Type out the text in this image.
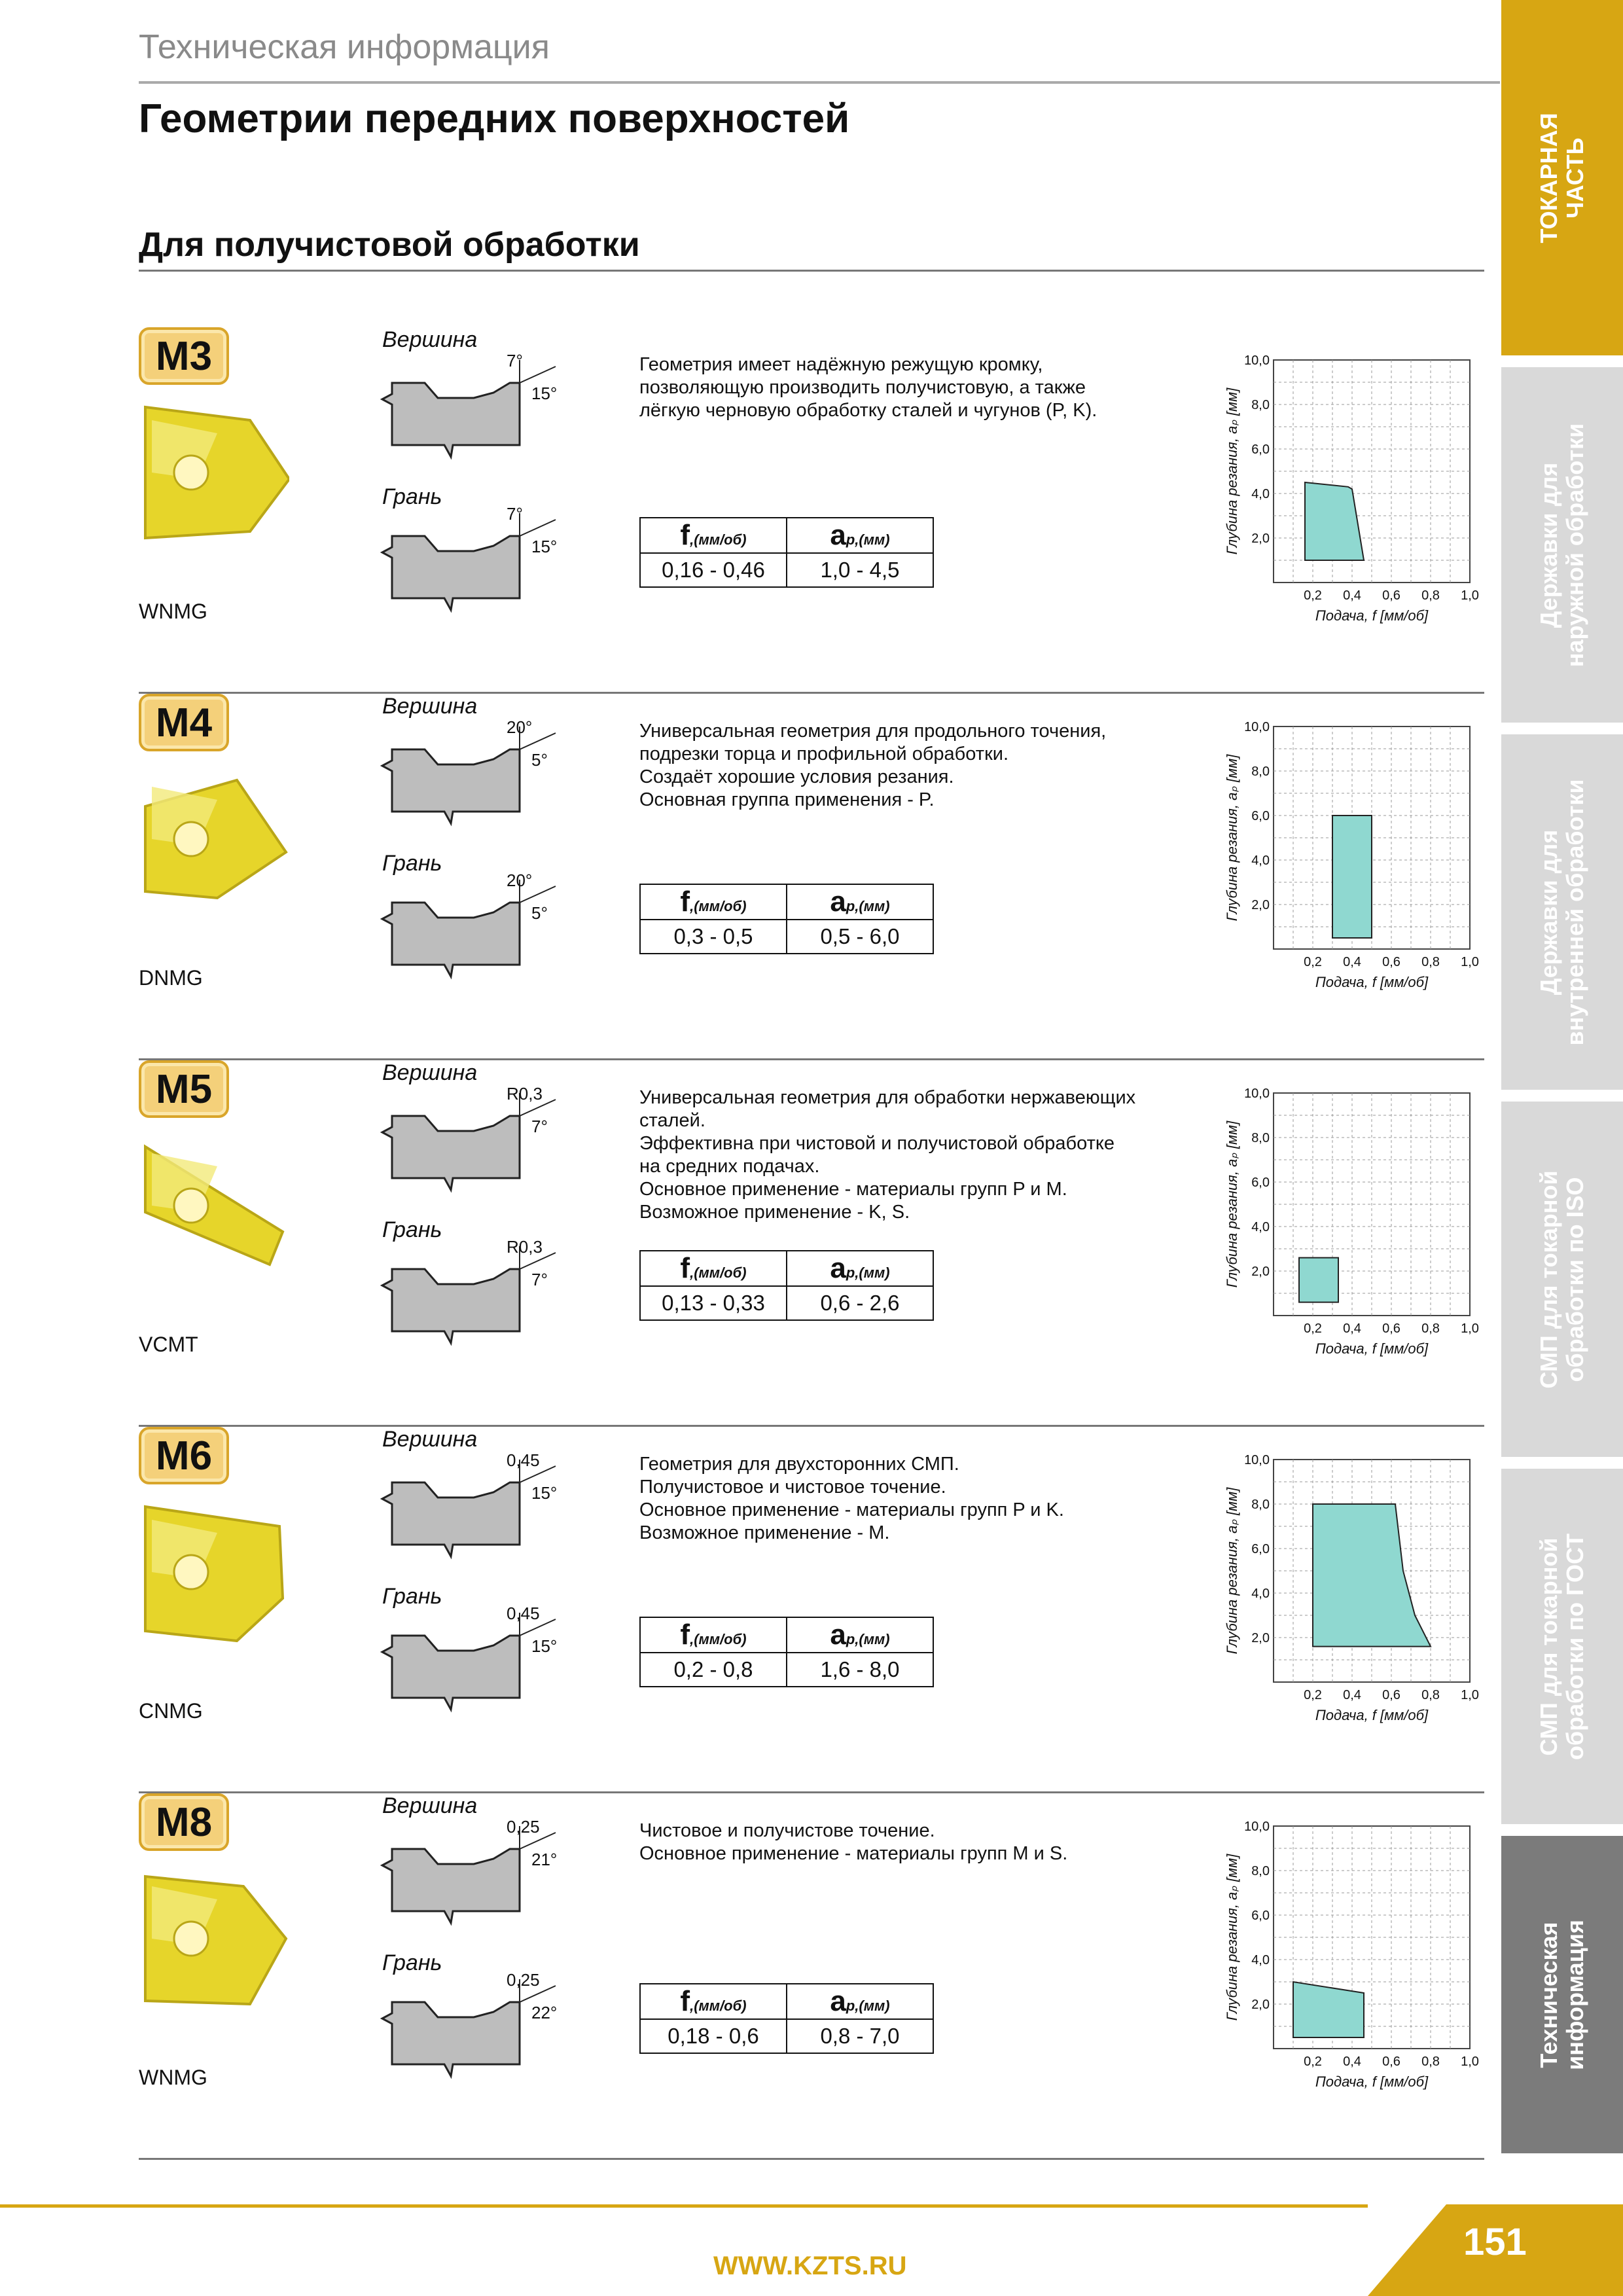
Техническая информация
Геометрии передних поверхностей
Для получистовой обработки
ТОКАРНАЯ
ЧАСТЬ
Державки для
наружной обработки
Державки для
внутренней обработки
СМП для токарной
обработки по ISO
СМП для токарной
обработки по ГОСТ
Техническая
информация
M3
WNMG
Вершина
Грань
7°
15°
7°
15°
Геометрия имеет надёжную режущую кромку,
позволяющую производить получистовую, а также
лёгкую черновую обработку сталей и чугунов (P, K).
f,(мм/об)	ap,(мм)
0,16 - 0,46	1,0 - 4,5
2,0
4,0
6,0
8,0
10,0
0,2 0,4 0,6 0,8 1,0
Подача, f [мм/об]
Глубина резания, aₚ [мм]
M4
DNMG
Вершина
Грань
20°
5°
20°
5°
Универсальная геометрия для продольного точения,
подрезки торца и профильной обработки.
Создаёт хорошие условия резания.
Основная группа применения - P.
f,(мм/об)	ap,(мм)
0,3 - 0,5	0,5 - 6,0
2,0
4,0
6,0
8,0
10,0
0,2 0,4 0,6 0,8 1,0
Подача, f [мм/об]
Глубина резания, aₚ [мм]
M5
VCMT
Вершина
Грань
R0,3
7°
R0,3
7°
Универсальная геометрия для обработки нержавеющих
сталей.
Эффективна при чистовой и получистовой обработке
на средних подачах.
Основное применение - материалы групп P и M.
Возможное применение - K, S.
f,(мм/об)	ap,(мм)
0,13 - 0,33	0,6 - 2,6
2,0
4,0
6,0
8,0
10,0
0,2 0,4 0,6 0,8 1,0
Подача, f [мм/об]
Глубина резания, aₚ [мм]
M6
CNMG
Вершина
Грань
0,45
15°
0,45
15°
Геометрия для двухсторонних СМП.
Получистовое и чистовое точение.
Основное применение - материалы групп P и K.
Возможное применение - M.
f,(мм/об)	ap,(мм)
0,2 - 0,8	1,6 - 8,0
2,0
4,0
6,0
8,0
10,0
0,2 0,4 0,6 0,8 1,0
Подача, f [мм/об]
Глубина резания, aₚ [мм]
M8
WNMG
Вершина
Грань
0,25
21°
0,25
22°
Чистовое и получистове точение.
Основное применение - материалы групп M и S.
f,(мм/об)	ap,(мм)
0,18 - 0,6	0,8 - 7,0
2,0
4,0
6,0
8,0
10,0
0,2 0,4 0,6 0,8 1,0
Подача, f [мм/об]
Глубина резания, aₚ [мм]
WWW.KZTS.RU
151
